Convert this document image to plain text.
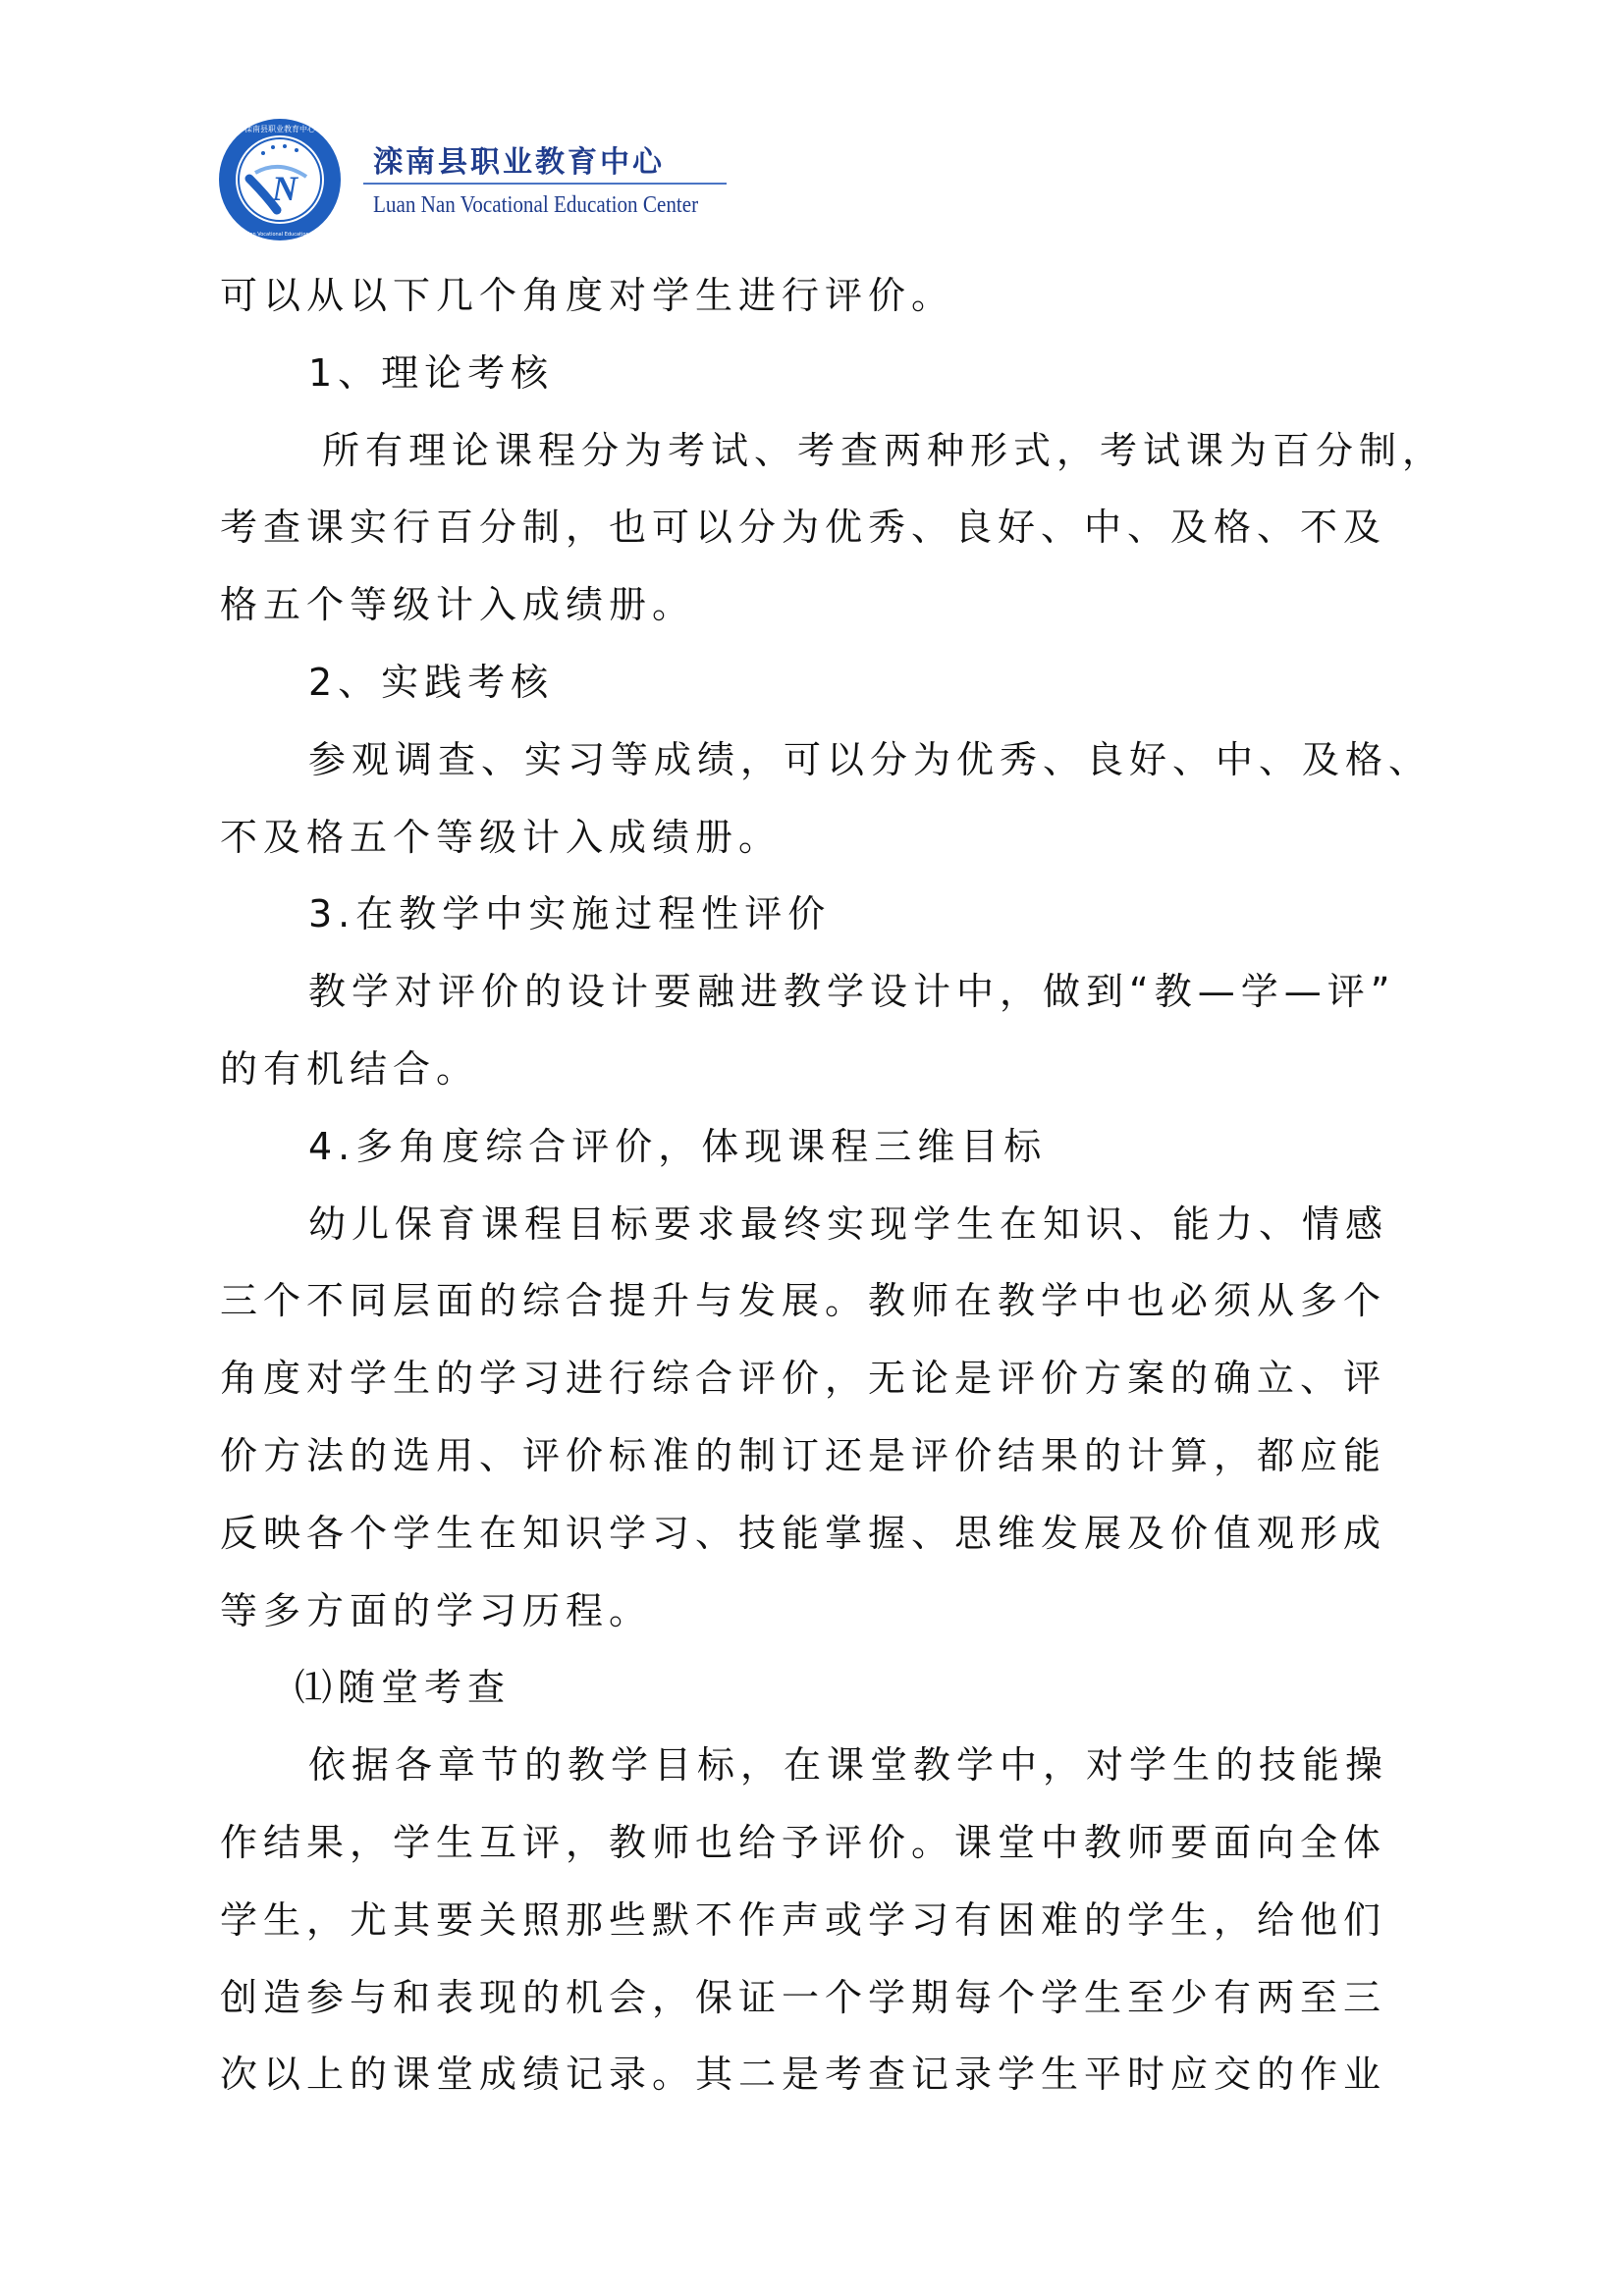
N
滦南县职业教育中心
Luan Nan Vocational Education Center
滦南县职业教育中心
Luan Nan Vocational Education Center
可以从以下几个角度对学生进行评价。
1、理论考核
所有理论课程分为考试、考查两种形式，考试课为百分制，
考查课实行百分制，也可以分为优秀、良好、中、及格、不及
格五个等级计入成绩册。
2、实践考核
参观调查、实习等成绩，可以分为优秀、良好、中、及格、
不及格五个等级计入成绩册。
3.在教学中实施过程性评价
教学对评价的设计要融进教学设计中，做到“教—学—评”
的有机结合。
4.多角度综合评价，体现课程三维目标
幼儿保育课程目标要求最终实现学生在知识、能力、情感
三个不同层面的综合提升与发展。教师在教学中也必须从多个
角度对学生的学习进行综合评价，无论是评价方案的确立、评
价方法的选用、评价标准的制订还是评价结果的计算，都应能
反映各个学生在知识学习、技能掌握、思维发展及价值观形成
等多方面的学习历程。
⑴随堂考查
依据各章节的教学目标，在课堂教学中，对学生的技能操
作结果，学生互评，教师也给予评价。课堂中教师要面向全体
学生，尤其要关照那些默不作声或学习有困难的学生，给他们
创造参与和表现的机会，保证一个学期每个学生至少有两至三
次以上的课堂成绩记录。其二是考查记录学生平时应交的作业
